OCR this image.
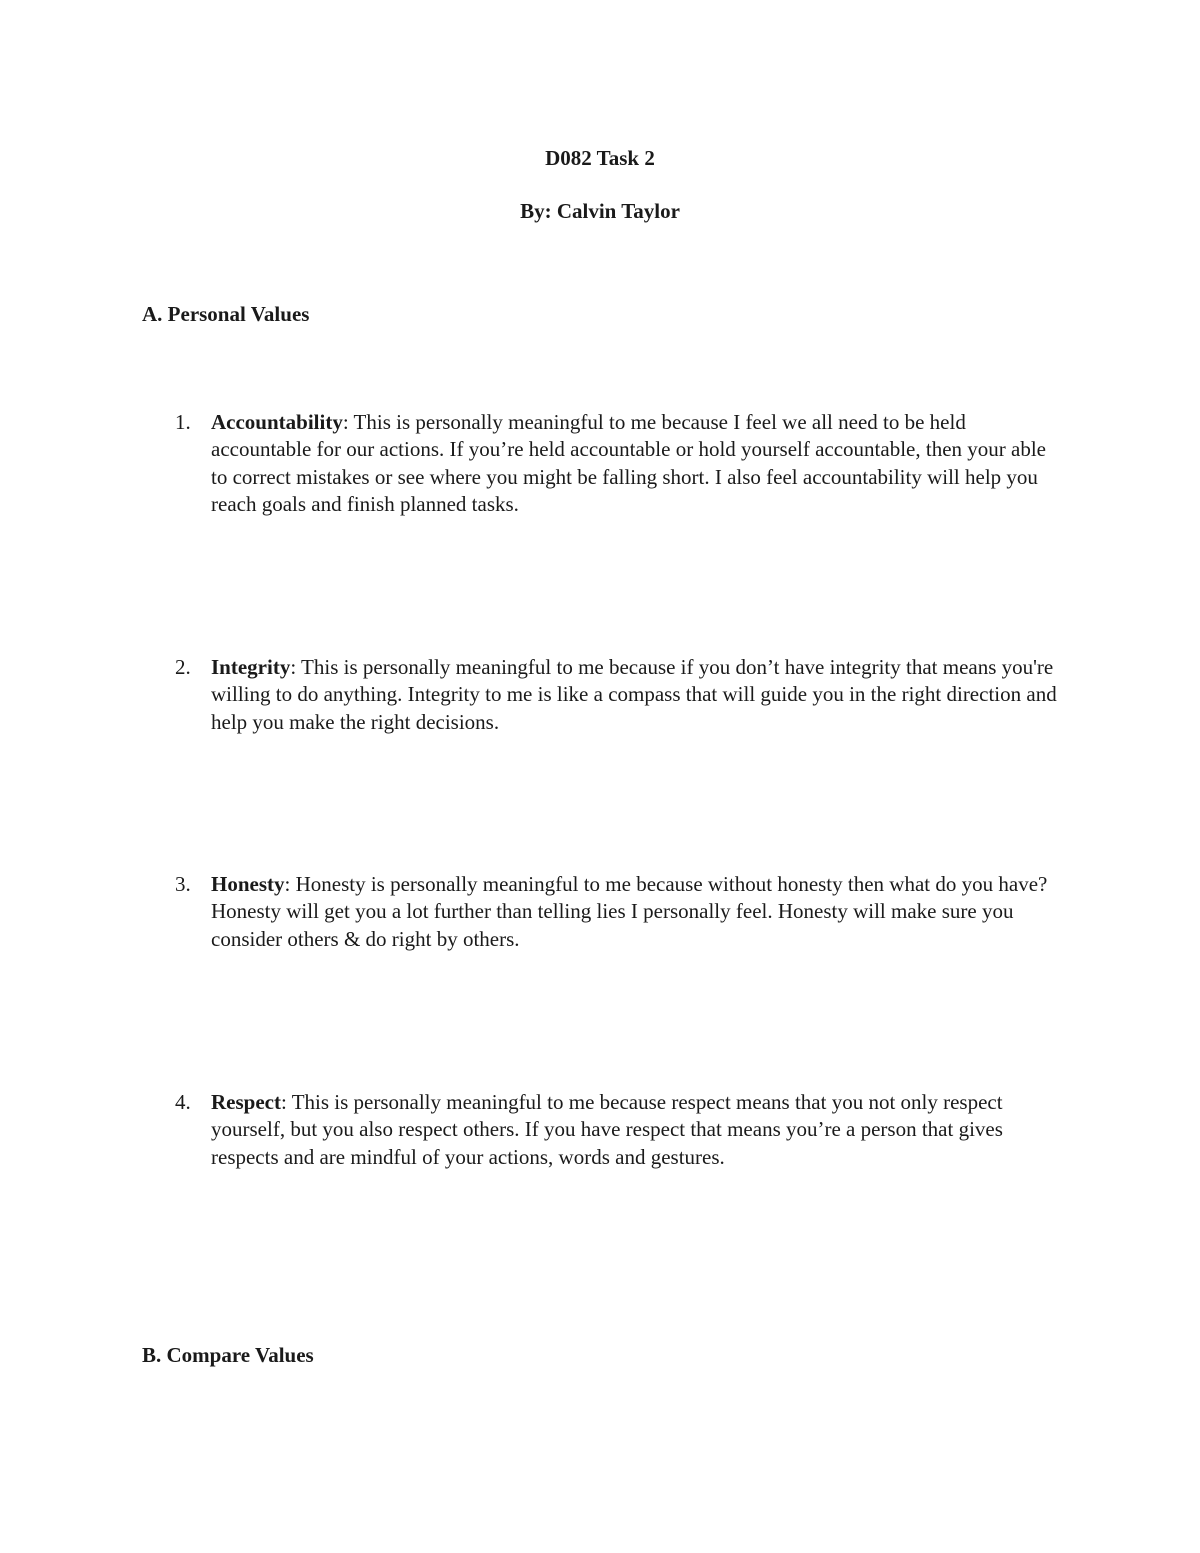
D082 Task 2
By: Calvin Taylor
A. Personal Values
1. Accountability: This is personally meaningful to me because I feel we all need to be held accountable for our actions. If you’re held accountable or hold yourself accountable, then your able to correct mistakes or see where you might be falling short. I also feel accountability will help you reach goals and finish planned tasks.
2. Integrity: This is personally meaningful to me because if you don’t have integrity that means you're willing to do anything. Integrity to me is like a compass that will guide you in the right direction and help you make the right decisions.
3. Honesty: Honesty is personally meaningful to me because without honesty then what do you have? Honesty will get you a lot further than telling lies I personally feel. Honesty will make sure you consider others & do right by others.
4. Respect: This is personally meaningful to me because respect means that you not only respect yourself, but you also respect others. If you have respect that means you’re a person that gives respects and are mindful of your actions, words and gestures.
B. Compare Values
